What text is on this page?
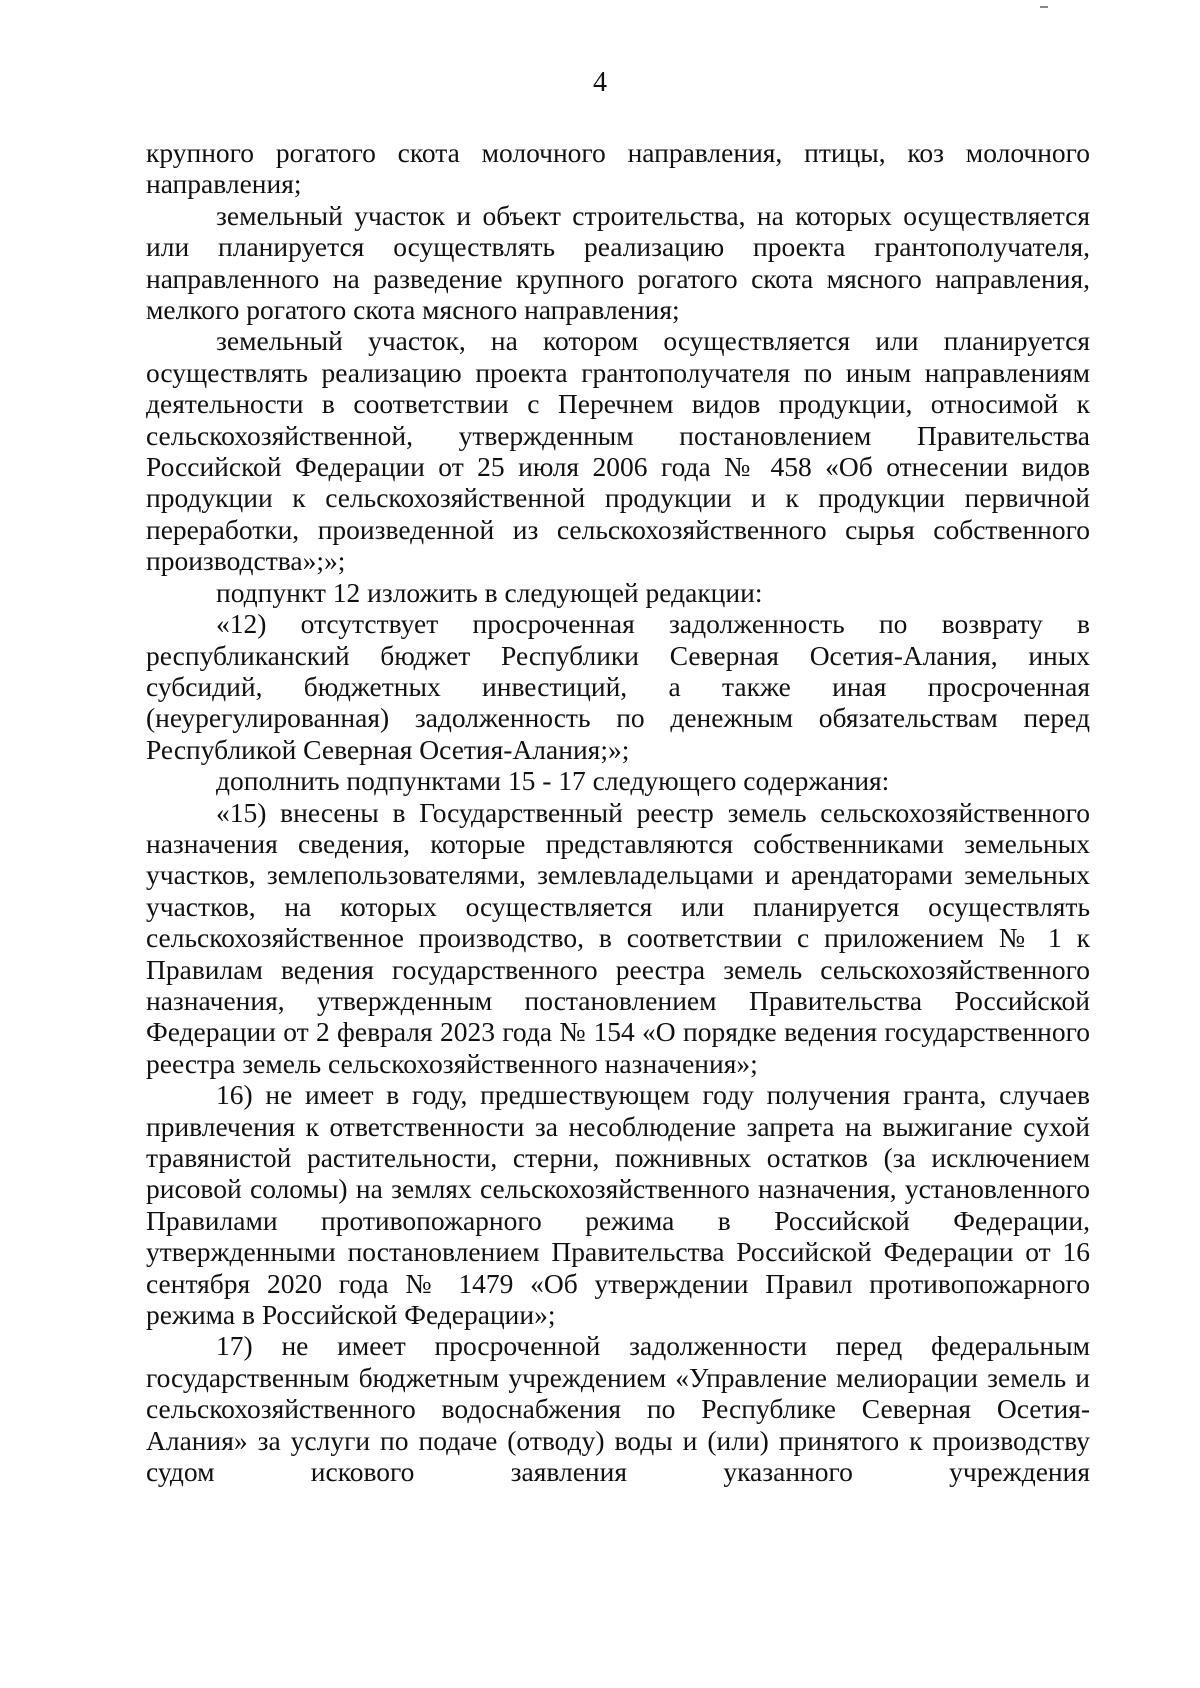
4

крупного рогатого скота молочного направления, птицы, коз молочного направления;

земельный участок и объект строительства, на которых осуществляется или планируется осуществлять реализацию проекта грантополучателя, направленного на разведение крупного рогатого скота мясного направления, мелкого рогатого скота мясного направления;

земельный участок, на котором осуществляется или планируется осуществлять реализацию проекта грантополучателя по иным направлениям деятельности в соответствии с Перечнем видов продукции, относимой к сельскохозяйственной, утвержденным постановлением Правительства Российской Федерации от 25 июля 2006 года № 458 «Об отнесении видов продукции к сельскохозяйственной продукции и к продукции первичной переработки, произведенной из сельскохозяйственного сырья собственного производства»;»;

подпункт 12 изложить в следующей редакции:

«12) отсутствует просроченная задолженность по возврату в республиканский бюджет Республики Северная Осетия-Алания, иных субсидий, бюджетных инвестиций, а также иная просроченная (неурегулированная) задолженность по денежным обязательствам перед Республикой Северная Осетия-Алания;»;

дополнить подпунктами 15 - 17 следующего содержания:

«15) внесены в Государственный реестр земель сельскохозяйственного назначения сведения, которые представляются собственниками земельных участков, землепользователями, землевладельцами и арендаторами земельных участков, на которых осуществляется или планируется осуществлять сельскохозяйственное производство, в соответствии с приложением № 1 к Правилам ведения государственного реестра земель сельскохозяйственного назначения, утвержденным постановлением Правительства Российской Федерации от 2 февраля 2023 года № 154 «О порядке ведения государственного реестра земель сельскохозяйственного назначения»;

16) не имеет в году, предшествующем году получения гранта, случаев привлечения к ответственности за несоблюдение запрета на выжигание сухой травянистой растительности, стерни, пожнивных остатков (за исключением рисовой соломы) на землях сельскохозяйственного назначения, установленного Правилами противопожарного режима в Российской Федерации, утвержденными постановлением Правительства Российской Федерации от 16 сентября 2020 года № 1479 «Об утверждении Правил противопожарного режима в Российской Федерации»;

17) не имеет просроченной задолженности перед федеральным государственным бюджетным учреждением «Управление мелиорации земель и сельскохозяйственного водоснабжения по Республике Северная Осетия-Алания» за услуги по подаче (отводу) воды и (или) принятого к производству судом искового заявления указанного учреждения
